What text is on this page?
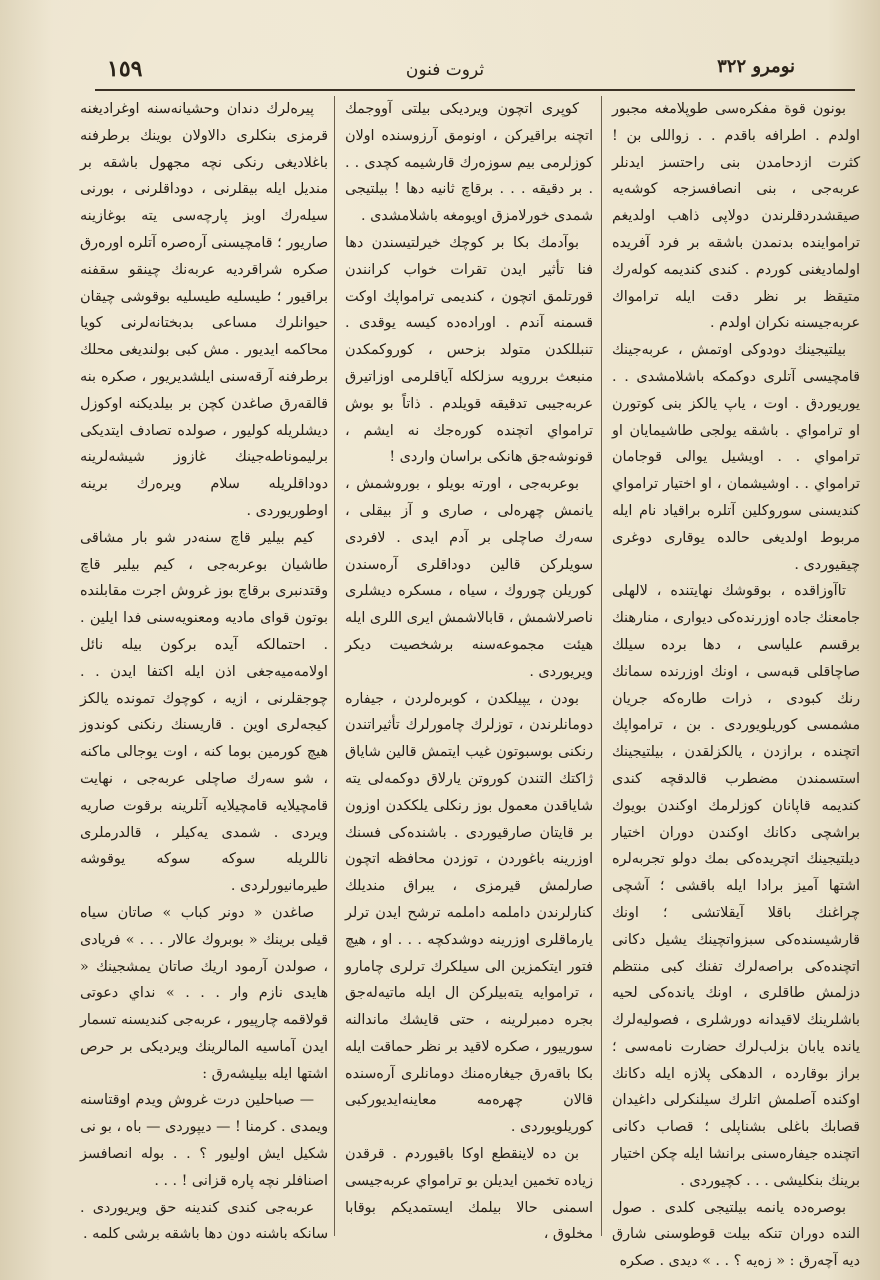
نومرو ٣٢٢
ثروت فنون
١٥٩

بونون قوة مفكره‌سی طوپلامغه مجبور اولدم . اطرافه باقدم . . زواللی بن ! كثرت ازدحامدن بنی راحتسز ایدنلر عربه‌جی ، بنی انصافسزجه كوشه‌يه صيقشدردقلرندن دولاپی ذاهب اولدیغم ترامواينده بدنمدن باشقه بر فرد آفریده اولمادیغنی كوردم . كندی كندیمه كوله‌رك متيقظ بر نظر دقت ايله ترامواك عربه‌جيسنه نكران اولدم .

بيلتيجينك دودوكی اوتمش ، عربه‌جينك قامچيسی آتلری دوكمكه باشلامشدی . . يوريوردق . اوت ، ياپ يالكز بنی كوتورن او ترامواي . باشقه يولجی طاشيمايان او ترامواي . . اويشيل يوالی قوجامان ترامواي . . اوشيشمان ، او اختيار ترامواي كنديسنی سوروكلين آتلره براقياد نام ايله مربوط اولديغی حالده يوقاری دوغری چيقيوردی .

تاآوزاقده ، بوقوشك نهايتنده ، لالهلی جامعنك جاده اوزرنده‌كی ديواری ، منارهنك برقسم علياسی ، دها برده سيلك صاچاقلی قبه‌سی ، اونك اوزرنده سمانك رنك كبودی ، ذرات طاره‌كه جريان مشمسی كوريلويوردی . بن ، ترامواپك اتچنده ، برازدن ، يالكزلقدن ، بيلتيجينك استسمندن مضطرب قالدقچه كندی كنديمه قاپانان كوزلرمك اوكندن بويوك براشچی دكانك اوكندن دوران اختيار ديلتيجينك اتچريده‌كی بمك دولو تجربه‌لره اشتها آميز برادا ايله باقشی ؛ آشچی چراغنك باقلا آيقلاتشی ؛ اونك قارشيسنده‌كی سبزواتچينك يشيل دكانی اتچنده‌كی براصه‌لرك تفنك كبی منتظم دزلمش طاقلری ، اونك يانده‌كی لحيه باشلرينك لاقيدانه دورشلری ، فصوليه‌لرك يانده يابان بزلب‌لرك حضارت نامه‌سی ؛ براز بوقارده ، الدهكی پلازه ايله دكانك اوكنده آصلمش اتلرك سيلنكرلی داغيدان قصابك باغلی بشناپلی ؛ قصاب دكانی اتچنده جيفاره‌سنی برانشا ايله چكن اختيار برينك بنكليشی . . . كچيوردی .

بوصره‌ده يانمه بيلتيجی كلدی . صول النده دوران تنكه بيلت قوطوسنی شارق ديه آچه‌رق : « زه‌يه ؟ . . » ديدی . صكره

كوپری اتچون ويردیكی بيلتی آووجمك اتچنه براقيركن ، اونومق آرزوسنده اولان كوزلرمی بيم سوزه‌رك قارشيمه كچدی . . . بر دقيقه . . . برقاچ ثانيه دها ! بيلتيجی شمدی خورلامزق اويومغه باشلامشدی .

بوآدمك بكا بر كوچك خيرلتيسندن دها فنا تأثير ايدن تقرات خواب كرانندن قورتلمق اتچون ، كنديمی ترامواپك اوكت قسمنه آندم . اوراده‌ده كيسه يوقدی . تنبللكدن متولد بزحس ، كوروكمكدن منبعث بررويه سزلكله آياقلرمی اوزاتيرق عربه‌جيبی تدقيقه قويلدم . ذاتاً بو بوش ترامواي اتچنده كوره‌جك نه ايشم ، قونوشه‌جق هانكی براسان واردی !

بوعربه‌جی ، اورته بويلو ، بوروشمش ، يانمش چهره‌لی ، صاری و آز بيقلی ، سه‌رك صاچلی بر آدم ايدی . لافردی سويلركن قالين دوداقلری آره‌سندن كوريلن چوروك ، سياه ، مسكره ديشلری ناصرلاشمش ، قابالاشمش ايری اللری ايله هيئت مجموعه‌سنه برشخصيت ديكر ويريوردی .

بودن ، يپيلكدن ، كوبره‌لردن ، جيفاره دومانلرندن ، توزلرك چامورلرك تأثيراتندن رنكنی بوسبوتون غيب ايتمش قالين شاياق ژاكتك التندن كوروتن يارلاق دوكمه‌لی يته شاياقدن معمول بوز رنكلی يلككدن اوزون بر قايتان صارقيوردی . باشنده‌كی فسنك اوزرينه باغوردن ، توزدن محافظه اتچون صارلمش قيرمزی ، يبراق منديلك كنارلرندن داملمه داملمه ترشح ايدن ترلر يارماقلری اوزرينه دوشدكچه . . . او ، هيچ فتور ايتكمزين الی سيلكرك ترلری چامارو ، تراموايه يته‌بيلركن ال ايله ماتيه‌له‌جق بجره دمبرلرينه ، حتی قايشك ماندالنه سورييور ، صكره لاقيد بر نظر حماقت ايله بكا باقه‌رق جيغاره‌منك دومانلری آره‌سنده قالان چهره‌مه معاينه‌ايديوركبی كوريلويوردی .

بن ده لاينقطع اوكا باقيوردم . قرقدن زياده تخمين ايديلن بو ترامواي عربه‌جيسی اسمنی حالا بيلمك ايستمديكم بوقابا مخلوق ،

پيره‌لرك دندان وحشيانه‌سنه اوغراديغنه قرمزی بنكلری دالاولان بوينك برطرفنه باغلاديغی رنكی نچه مجهول باشقه بر منديل ايله بيقلرنی ، دوداقلرنی ، بورنی سيله‌رك اوبز پارچه‌سی يته بوغازينه صاريور ؛ قامچيسنی آره‌صره آتلره اوره‌رق صكره شراقرديه عربه‌نك چينقو سقفنه براقيور ؛ طيسليه طيسليه بوقوشی چيقان حيوانلرك مساعی بدبختانه‌لرنی كويا محاكمه ايديور . مش كبی بولنديغی محلك برطرفنه آرقه‌سنی ايلشديريور ، صكره بنه قالقه‌رق صاغدن كچن بر بيلديكنه اوكوزل ديشلريله كوليور ، صولده تصادف ايتدیكی برليموناطه‌جينك غازوز شيشه‌لرينه دوداقلريله سلام ويره‌رك برينه اوطوريوردی .

كيم بيلير قاچ سنه‌در شو بار مشاقی طاشيان بوعربه‌جی ، كيم بيلير قاچ وقتدنبری برقاچ بوز غروش اجرت مقابلنده بوتون قوای ماديه ومعنويه‌سنی فدا ايلين . . احتمالكه آيده بركون بيله نائل اولامه‌ميه‌جغی اذن ايله اكتفا ايدن . . چوجقلرنی ، ازيه ، كوچوك تمونده يالكز كيجه‌لری اوين . قاريسنك رنكنی كوندوز هيچ كورمين بوما كنه ، اوت يوجالی ماكنه ، شو سه‌رك صاچلی عربه‌جی ، نهايت قامچيلايه قامچيلايه آتلرينه برقوت صاريه ويردی . شمدی يه‌كيلر ، قالدرملری ناللريله سوكه سوكه يوقوشه طيرمانيورلردی .

صاغدن « دونر كباب » صاتان سياه قيلی برينك « بوبروك عالار . . . » فريادی ، صولدن آرمود اريك صاتان يمشجينك « هايدی نازم وار . . . » نداي دعوتی قولاقمه چارپيور ، عربه‌جی كنديسنه تسمار ايدن آماسيه المالرينك ويرديكی بر حرص اشتها ايله بيليشه‌رق :

— صباحلين درت غروش ويدم اوقتاسنه ويمدی . كرمنا ! — ديپوردی — باه ، بو نی شكيل ايش اوليور ؟ . . بوله انصافسز اصنافلر نچه پاره قزانی ! . . .

عربه‌جی كندی كندينه حق ويريوردی . سانكه باشنه دون دها باشقه برشی كلمه .
